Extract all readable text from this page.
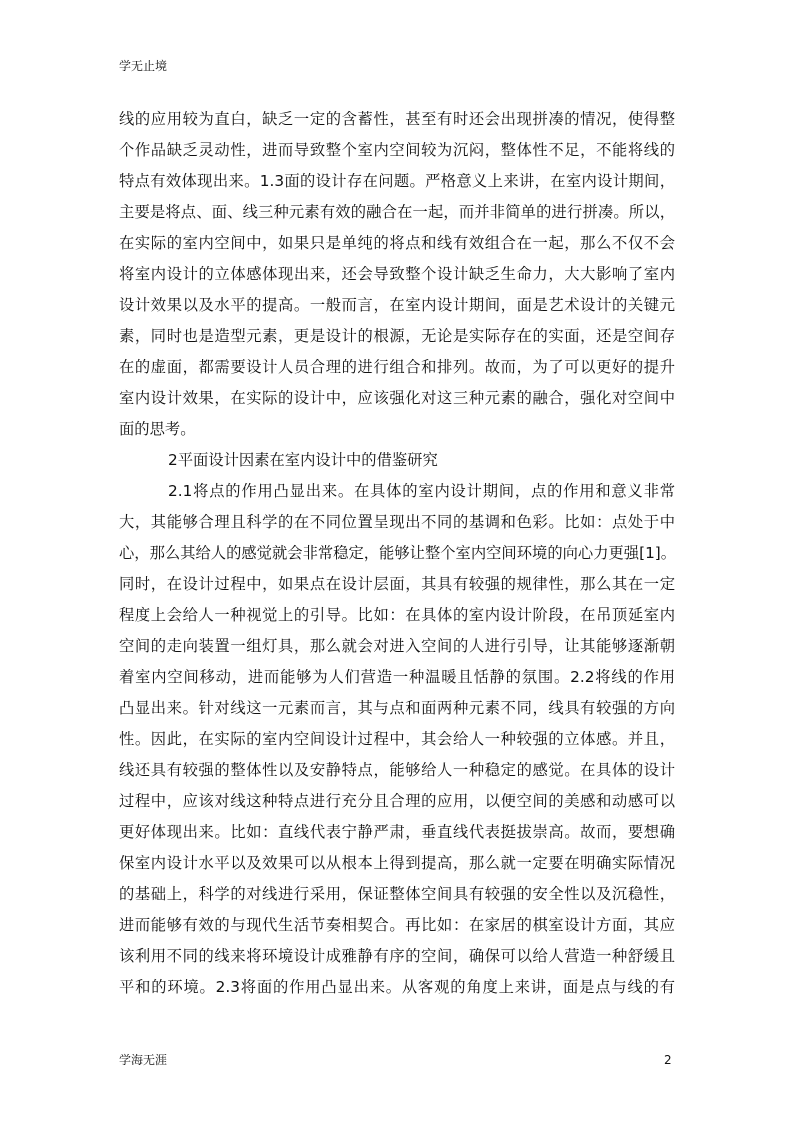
学无止境
线的应用较为直白，缺乏一定的含蓄性，甚至有时还会出现拼凑的情况，使得整
个作品缺乏灵动性，进而导致整个室内空间较为沉闷，整体性不足，不能将线的
特点有效体现出来。1.3面的设计存在问题。严格意义上来讲，在室内设计期间，
主要是将点、面、线三种元素有效的融合在一起，而并非简单的进行拼凑。所以，
在实际的室内空间中，如果只是单纯的将点和线有效组合在一起，那么不仅不会
将室内设计的立体感体现出来，还会导致整个设计缺乏生命力，大大影响了室内
设计效果以及水平的提高。一般而言，在室内设计期间，面是艺术设计的关键元
素，同时也是造型元素，更是设计的根源，无论是实际存在的实面，还是空间存
在的虚面，都需要设计人员合理的进行组合和排列。故而，为了可以更好的提升
室内设计效果，在实际的设计中，应该强化对这三种元素的融合，强化对空间中
面的思考。
2平面设计因素在室内设计中的借鉴研究
2.1将点的作用凸显出来。在具体的室内设计期间，点的作用和意义非常
大，其能够合理且科学的在不同位置呈现出不同的基调和色彩。比如：点处于中
心，那么其给人的感觉就会非常稳定，能够让整个室内空间环境的向心力更强[1]。
同时，在设计过程中，如果点在设计层面，其具有较强的规律性，那么其在一定
程度上会给人一种视觉上的引导。比如：在具体的室内设计阶段，在吊顶延室内
空间的走向装置一组灯具，那么就会对进入空间的人进行引导，让其能够逐渐朝
着室内空间移动，进而能够为人们营造一种温暖且恬静的氛围。2.2将线的作用
凸显出来。针对线这一元素而言，其与点和面两种元素不同，线具有较强的方向
性。因此，在实际的室内空间设计过程中，其会给人一种较强的立体感。并且，
线还具有较强的整体性以及安静特点，能够给人一种稳定的感觉。在具体的设计
过程中，应该对线这种特点进行充分且合理的应用，以便空间的美感和动感可以
更好体现出来。比如：直线代表宁静严肃，垂直线代表挺拔崇高。故而，要想确
保室内设计水平以及效果可以从根本上得到提高，那么就一定要在明确实际情况
的基础上，科学的对线进行采用，保证整体空间具有较强的安全性以及沉稳性，
进而能够有效的与现代生活节奏相契合。再比如：在家居的棋室设计方面，其应
该利用不同的线来将环境设计成雅静有序的空间，确保可以给人营造一种舒缓且
平和的环境。2.3将面的作用凸显出来。从客观的角度上来讲，面是点与线的有
学海无涯	2
